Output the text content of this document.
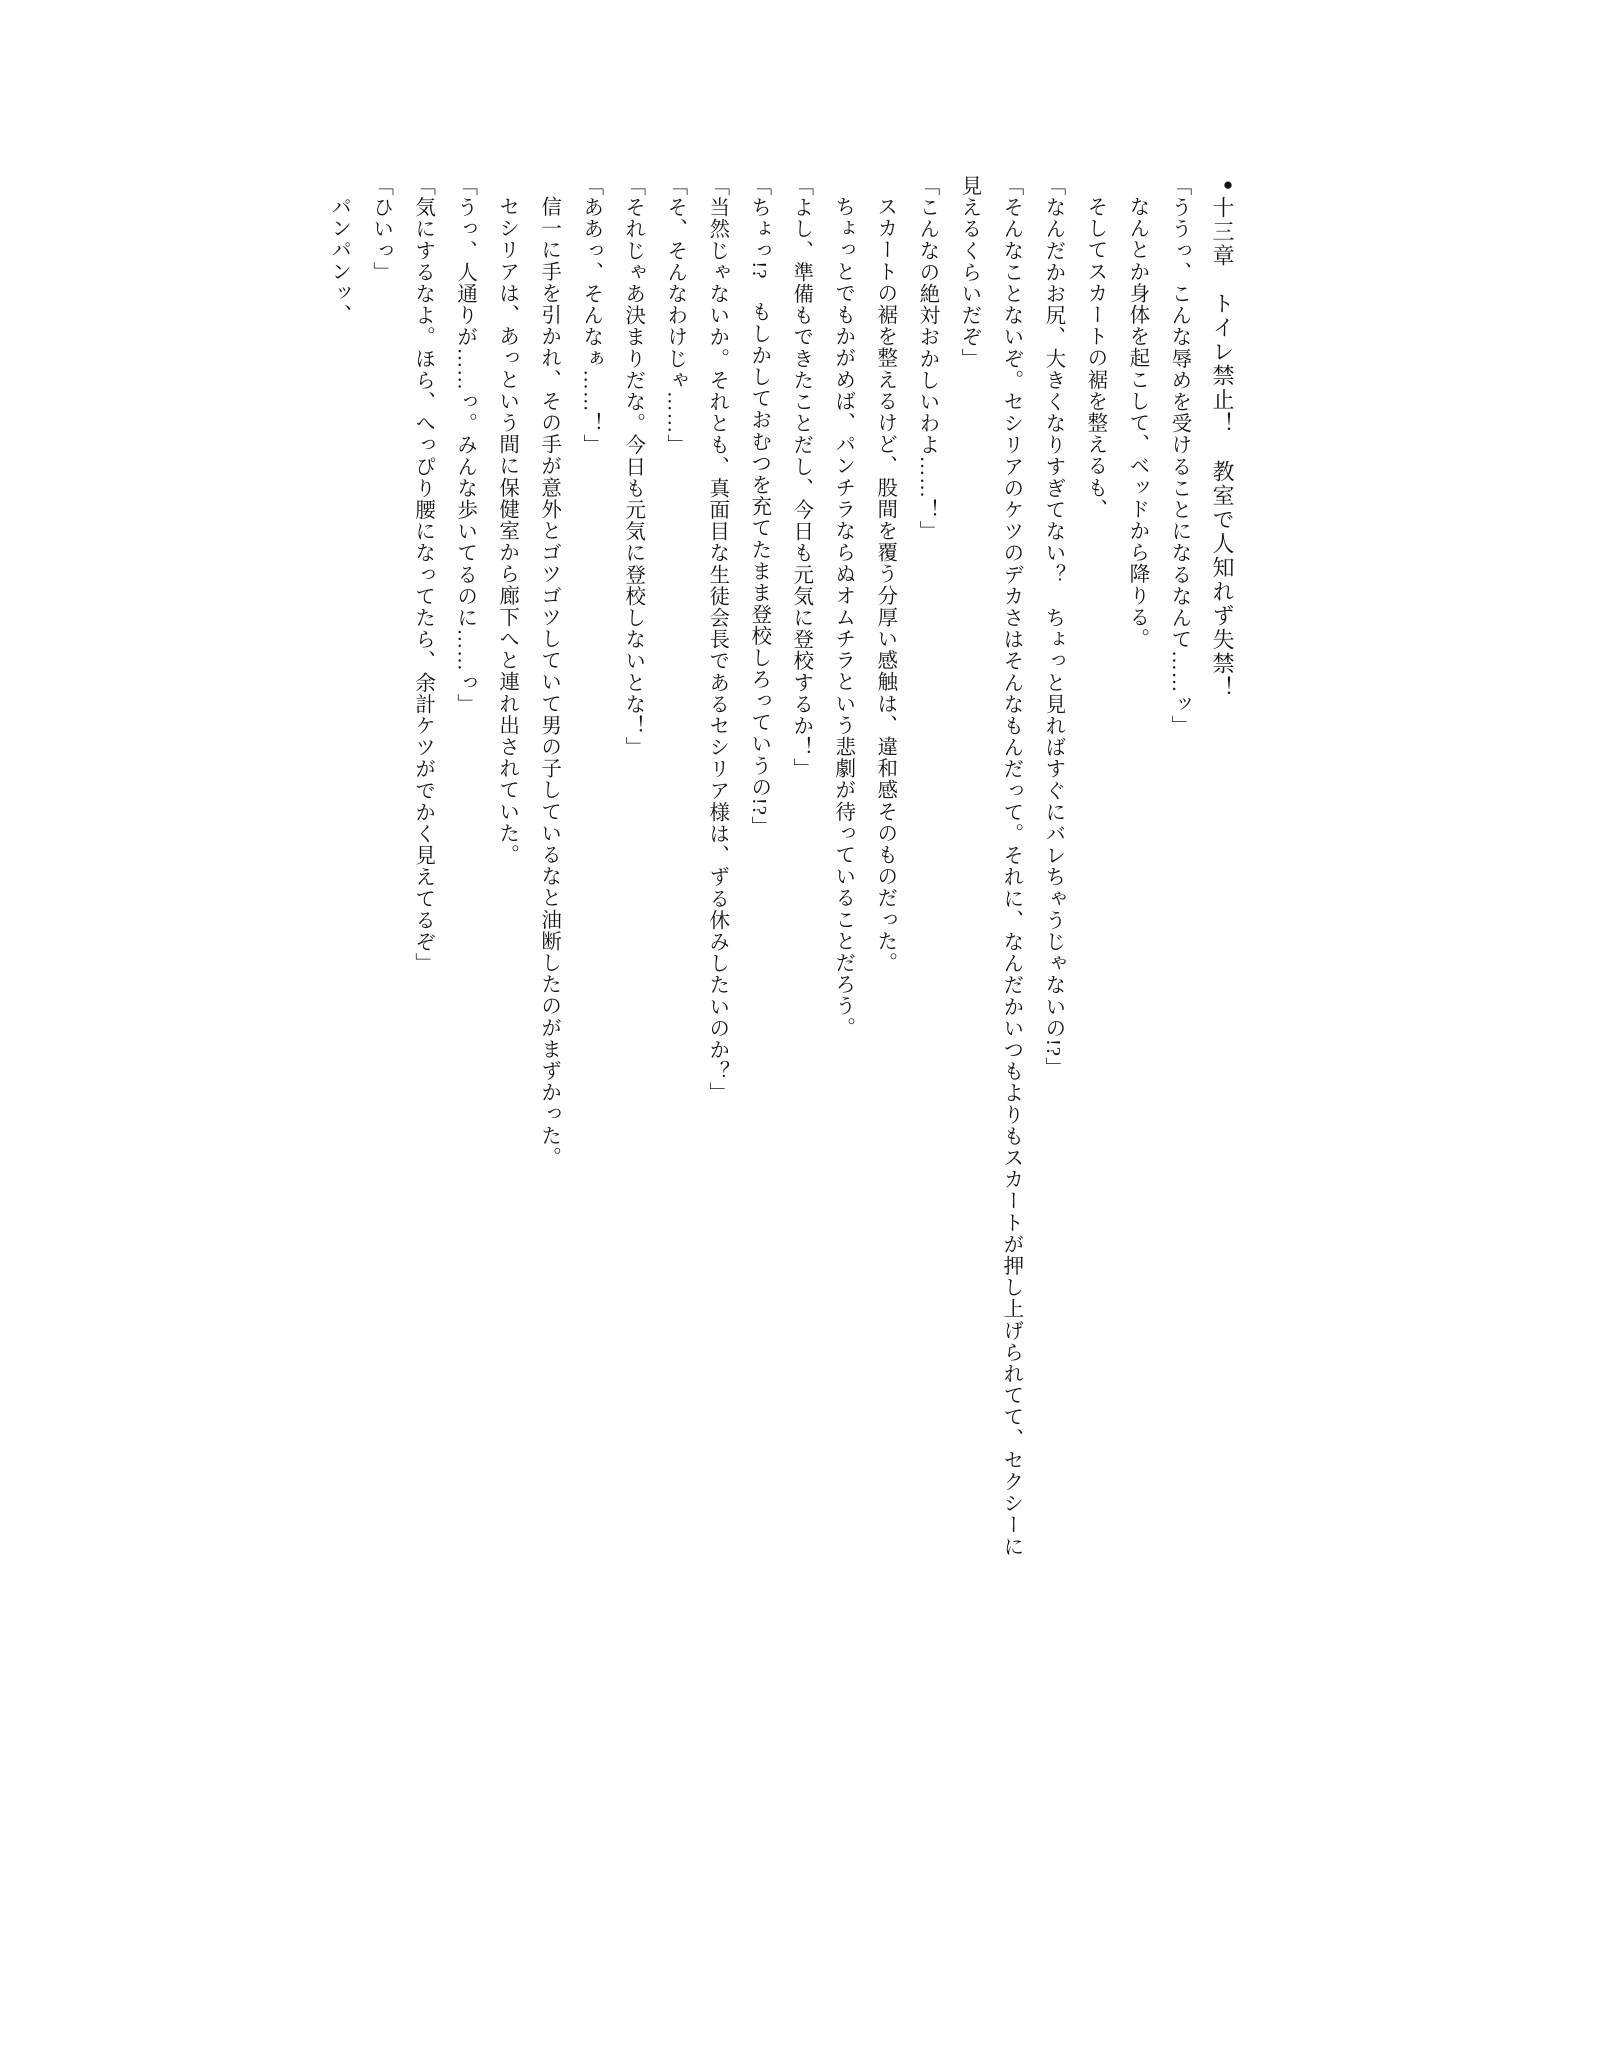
●十三章　トイレ禁止！　教室で人知れず失禁！

「ううっ、こんな辱めを受けることになるなんて……ッ」

なんとか身体を起こして、ベッドから降りる。

そしてスカートの裾を整えるも、

「なんだかお尻、大きくなりすぎてない？　ちょっと見ればすぐにバレちゃうじゃないの!?」

「そんなことないぞ。セシリアのケツのデカさはそんなもんだって。それに、なんだかいつもよりもスカートが押し上げられてて、セクシーに見えるくらいだぞ」

「こんなの絶対おかしいわよ……！」

スカートの裾を整えるけど、股間を覆う分厚い感触は、違和感そのものだった。

ちょっとでもかがめば、パンチラならぬオムチラという悲劇が待っていることだろう。

「よし、準備もできたことだし、今日も元気に登校するか！」

「ちょっ!?　もしかしておむつを充てたまま登校しろっていうの!?」

「当然じゃないか。それとも、真面目な生徒会長であるセシリア様は、ずる休みしたいのか？」

「そ、そんなわけじゃ……」

「それじゃあ決まりだな。今日も元気に登校しないとな！」

「ああっ、そんなぁ……！」

信一に手を引かれ、その手が意外とゴツゴツしていて男の子しているなと油断したのがまずかった。

セシリアは、あっという間に保健室から廊下へと連れ出されていた。

「うっ、人通りが……っ。みんな歩いてるのに……っ」

「気にするなよ。ほら、へっぴり腰になってたら、余計ケツがでかく見えてるぞ」

「ひいっ」

パンパンッ、
